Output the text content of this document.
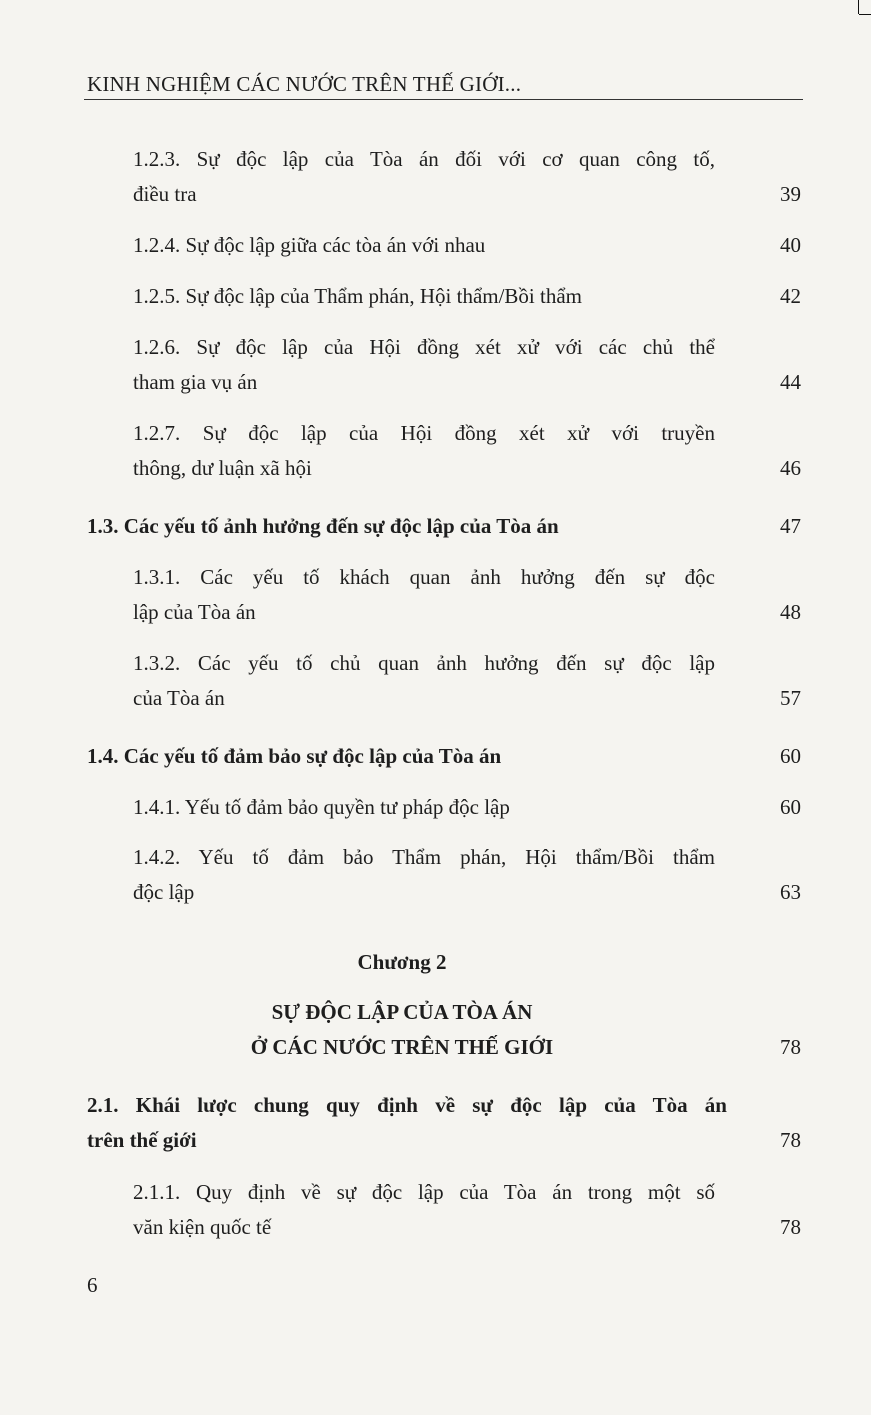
KINH NGHIỆM CÁC NƯỚC TRÊN THẾ GIỚI...
1.2.3. Sự độc lập của Tòa án đối với cơ quan công tố,
điều tra	39
1.2.4. Sự độc lập giữa các tòa án với nhau	40
1.2.5. Sự độc lập của Thẩm phán, Hội thẩm/Bồi thẩm	42
1.2.6. Sự độc lập của Hội đồng xét xử với các chủ thể
tham gia vụ án	44
1.2.7. Sự độc lập của Hội đồng xét xử với truyền
thông, dư luận xã hội	46
1.3. Các yếu tố ảnh hưởng đến sự độc lập của Tòa án	47
1.3.1. Các yếu tố khách quan ảnh hưởng đến sự độc
lập của Tòa án	48
1.3.2. Các yếu tố chủ quan ảnh hưởng đến sự độc lập
của Tòa án	57
1.4. Các yếu tố đảm bảo sự độc lập của Tòa án	60
1.4.1. Yếu tố đảm bảo quyền tư pháp độc lập	60
1.4.2. Yếu tố đảm bảo Thẩm phán, Hội thẩm/Bồi thẩm
độc lập	63
Chương 2
SỰ ĐỘC LẬP CỦA TÒA ÁN
Ở CÁC NƯỚC TRÊN THẾ GIỚI	78
2.1. Khái lược chung quy định về sự độc lập của Tòa án
trên thế giới	78
2.1.1. Quy định về sự độc lập của Tòa án trong một số
văn kiện quốc tế	78
6
